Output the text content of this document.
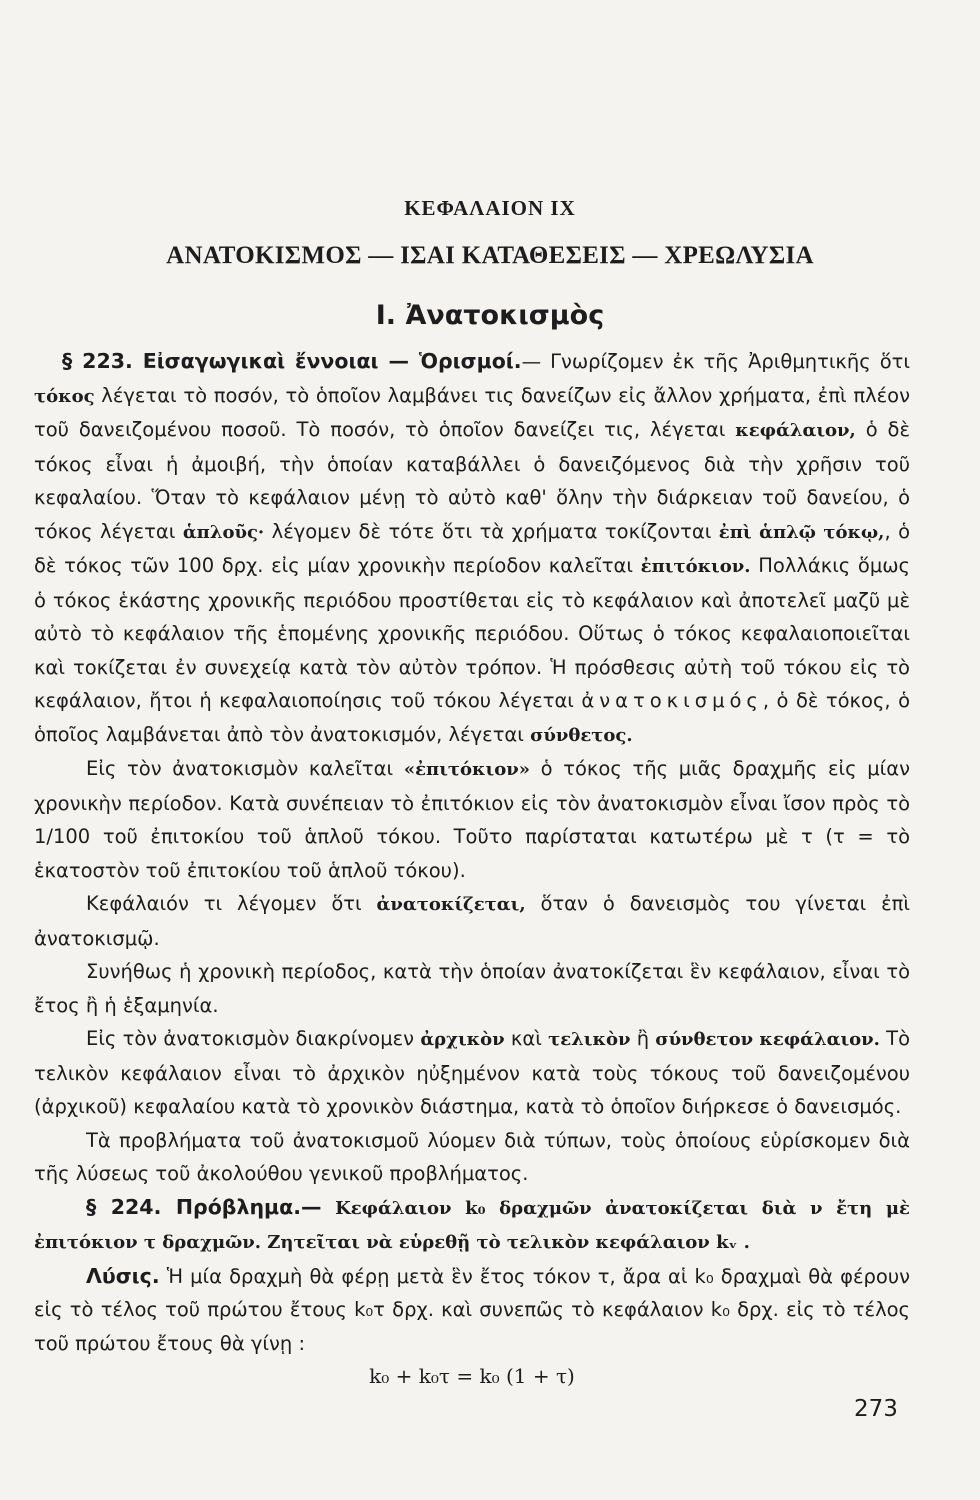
ΚΕΦΑΛΑΙΟΝ IX
ΑΝΑΤΟΚΙΣΜΟΣ — ΙΣΑΙ ΚΑΤΑΘΕΣΕΙΣ — ΧΡΕΩΛΥΣΙΑ
I. Ἀνατοκισμὸς

§ 223. Εἰσαγωγικαὶ ἔννοιαι — Ὁρισμοί.— Γνωρίζομεν ἐκ τῆς Ἀριθμητικῆς ὅτι τόκος λέγεται τὸ ποσόν, τὸ ὁποῖον λαμβάνει τις δανείζων εἰς ἄλλον χρήματα, ἐπὶ πλέον τοῦ δανειζομένου ποσοῦ. Τὸ ποσόν, τὸ ὁποῖον δανείζει τις, λέγεται κεφάλαιον, ὁ δὲ τόκος εἶναι ἡ ἀμοιβή, τὴν ὁποίαν καταβάλλει ὁ δανειζόμενος διὰ τὴν χρῆσιν τοῦ κεφαλαίου. Ὅταν τὸ κεφάλαιον μένῃ τὸ αὐτὸ καθ' ὅλην τὴν διάρκειαν τοῦ δανείου, ὁ τόκος λέγεται ἁπλοῦς· λέγομεν δὲ τότε ὅτι τὰ χρήματα τοκίζονται ἐπὶ ἁπλῷ τόκῳ,, ὁ δὲ τόκος τῶν 100 δρχ. εἰς μίαν χρονικὴν περίοδον καλεῖται ἐπιτόκιον. Πολλάκις ὅμως ὁ τόκος ἑκάστης χρονικῆς περιόδου προστίθεται εἰς τὸ κεφάλαιον καὶ ἀποτελεῖ μαζῦ μὲ αὐτὸ τὸ κεφάλαιον τῆς ἑπομένης χρονικῆς περιόδου. Οὕτως ὁ τόκος κεφαλαιοποιεῖται καὶ τοκίζεται ἐν συνεχείᾳ κατὰ τὸν αὐτὸν τρόπον. Ἡ πρόσθεσις αὐτὴ τοῦ τόκου εἰς τὸ κεφάλαιον, ἤτοι ἡ κεφαλαιοποίησις τοῦ τόκου λέγεται ἀνατοκισμός, ὁ δὲ τόκος, ὁ ὁποῖος λαμβάνεται ἀπὸ τὸν ἀνατοκισμόν, λέγεται σύνθετος.

Εἰς τὸν ἀνατοκισμὸν καλεῖται «ἐπιτόκιον» ὁ τόκος τῆς μιᾶς δραχμῆς εἰς μίαν χρονικὴν περίοδον. Κατὰ συνέπειαν τὸ ἐπιτόκιον εἰς τὸν ἀνατοκισμὸν εἶναι ἴσον πρὸς τὸ 1/100 τοῦ ἐπιτοκίου τοῦ ἁπλοῦ τόκου. Τοῦτο παρίσταται κατωτέρω μὲ τ (τ = τὸ ἑκατοστὸν τοῦ ἐπιτοκίου τοῦ ἁπλοῦ τόκου).

Κεφάλαιόν τι λέγομεν ὅτι ἀνατοκίζεται, ὅταν ὁ δανεισμὸς του γίνεται ἐπὶ ἀνατοκισμῷ.

Συνήθως ἡ χρονικὴ περίοδος, κατὰ τὴν ὁποίαν ἀνατοκίζεται ἓν κεφάλαιον, εἶναι τὸ ἔτος ἢ ἡ ἑξαμηνία.

Εἰς τὸν ἀνατοκισμὸν διακρίνομεν ἀρχικὸν καὶ τελικὸν ἢ σύνθετον κεφάλαιον. Τὸ τελικὸν κεφάλαιον εἶναι τὸ ἀρχικὸν ηὐξημένον κατὰ τοὺς τόκους τοῦ δανειζομένου (ἀρχικοῦ) κεφαλαίου κατὰ τὸ χρονικὸν διάστημα, κατὰ τὸ ὁποῖον διήρκεσε ὁ δανεισμός.

Τὰ προβλήματα τοῦ ἀνατοκισμοῦ λύομεν διὰ τύπων, τοὺς ὁποίους εὑρίσκομεν διὰ τῆς λύσεως τοῦ ἀκολούθου γενικοῦ προβλήματος.

§ 224. Πρόβλημα.— Κεφάλαιον k₀ δραχμῶν ἀνατοκίζεται διὰ ν ἔτη μὲ ἐπιτόκιον τ δραχμῶν. Ζητεῖται νὰ εὑρεθῇ τὸ τελικὸν κεφάλαιον kᵥ .

Λύσις. Ἡ μία δραχμὴ θὰ φέρῃ μετὰ ἓν ἔτος τόκον τ, ἄρα αἱ k₀ δραχμαὶ θὰ φέρουν εἰς τὸ τέλος τοῦ πρώτου ἔτους k₀τ δρχ. καὶ συνεπῶς τὸ κεφάλαιον k₀ δρχ. εἰς τὸ τέλος τοῦ πρώτου ἔτους θὰ γίνῃ :

k₀ + k₀τ = k₀ (1 + τ)
273
